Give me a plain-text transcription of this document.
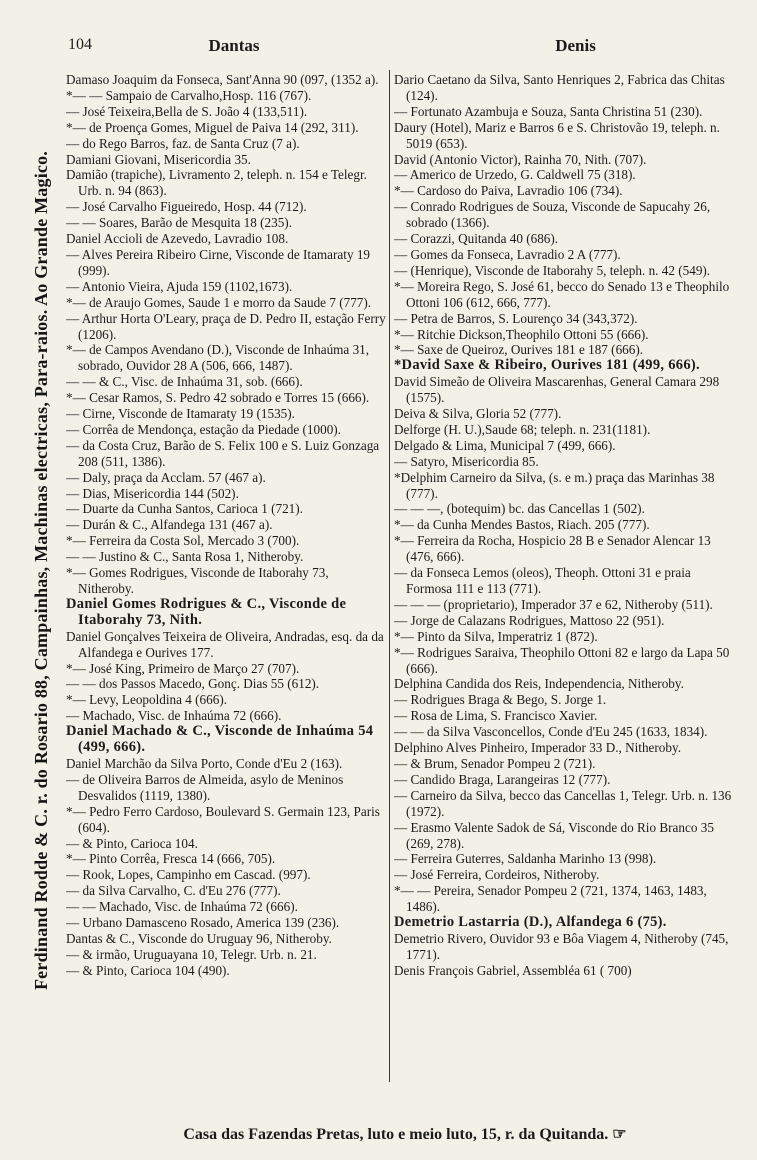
Ferdinand Rodde & C. r. do Rosario 88, Campainhas, Machinas electricas, Para-raios. Ao Grande Magico.
104	Dantas	Denis
Damaso Joaquim da Fonseca, Sant'Anna 90 (097, (1352 a).
*— — Sampaio de Carvalho,Hosp. 116 (767).
— José Teixeira,Bella de S. João 4 (133,511).
*— de Proença Gomes, Miguel de Paiva 14 (292, 311).
— do Rego Barros, faz. de Santa Cruz (7 a).
Damiani Giovani, Misericordia 35.
Damião (trapiche), Livramento 2, teleph. n. 154 e Telegr. Urb. n. 94 (863).
— José Carvalho Figueiredo, Hosp. 44 (712).
— — Soares, Barão de Mesquita 18 (235).
Daniel Accioli de Azevedo, Lavradio 108.
— Alves Pereira Ribeiro Cirne, Visconde de Itamaraty 19 (999).
— Antonio Vieira, Ajuda 159 (1102,1673).
*— de Araujo Gomes, Saude 1 e morro da Saude 7 (777).
— Arthur Horta O'Leary, praça de D. Pedro II, estação Ferry (1206).
*— de Campos Avendano (D.), Visconde de Inhaúma 31, sobrado, Ouvidor 28 A (506, 666, 1487).
— — & C., Visc. de Inhaúma 31, sob. (666).
*— Cesar Ramos, S. Pedro 42 sobrado e Torres 15 (666).
— Cirne, Visconde de Itamaraty 19 (1535).
— Corrêa de Mendonça, estação da Piedade (1000).
— da Costa Cruz, Barão de S. Felix 100 e S. Luiz Gonzaga 208 (511, 1386).
— Daly, praça da Acclam. 57 (467 a).
— Dias, Misericordia 144 (502).
— Duarte da Cunha Santos, Carioca 1 (721).
— Durán & C., Alfandega 131 (467 a).
*— Ferreira da Costa Sol, Mercado 3 (700).
— — Justino & C., Santa Rosa 1, Nitheroby.
*— Gomes Rodrigues, Visconde de Itaborahy 73, Nitheroby.
Daniel Gomes Rodrigues & C., Visconde de Itaborahy 73, Nith.
Daniel Gonçalves Teixeira de Oliveira, Andradas, esq. da da Alfandega e Ourives 177.
*— José King, Primeiro de Março 27 (707).
— — dos Passos Macedo, Gonç. Dias 55 (612).
*— Levy, Leopoldina 4 (666).
— Machado, Visc. de Inhaúma 72 (666).
Daniel Machado & C., Visconde de Inhaúma 54 (499, 666).
Daniel Marchão da Silva Porto, Conde d'Eu 2 (163).
— de Oliveira Barros de Almeida, asylo de Meninos Desvalidos (1119, 1380).
*— Pedro Ferro Cardoso, Boulevard S. Germain 123, Paris (604).
— & Pinto, Carioca 104.
*— Pinto Corrêa, Fresca 14 (666, 705).
— Rook, Lopes, Campinho em Cascad. (997).
— da Silva Carvalho, C. d'Eu 276 (777).
— — Machado, Visc. de Inhaúma 72 (666).
— Urbano Damasceno Rosado, America 139 (236).
Dantas & C., Visconde do Uruguay 96, Nitheroby.
— & irmão, Uruguayana 10, Telegr. Urb. n. 21.
— & Pinto, Carioca 104 (490).
Dario Caetano da Silva, Santo Henriques 2, Fabrica das Chitas (124).
— Fortunato Azambuja e Souza, Santa Christina 51 (230).
Daury (Hotel), Mariz e Barros 6 e S. Christovão 19, teleph. n. 5019 (653).
David (Antonio Victor), Rainha 70, Nith. (707).
— Americo de Urzedo, G. Caldwell 75 (318).
*— Cardoso do Paiva, Lavradio 106 (734).
— Conrado Rodrigues de Souza, Visconde de Sapucahy 26, sobrado (1366).
— Corazzi, Quitanda 40 (686).
— Gomes da Fonseca, Lavradio 2 A (777).
— (Henrique), Visconde de Itaborahy 5, teleph. n. 42 (549).
*— Moreira Rego, S. José 61, becco do Senado 13 e Theophilo Ottoni 106 (612, 666, 777).
— Petra de Barros, S. Lourenço 34 (343,372).
*— Ritchie Dickson,Theophilo Ottoni 55 (666).
*— Saxe de Queiroz, Ourives 181 e 187 (666).
*David Saxe & Ribeiro, Ourives 181 (499, 666).
David Simeão de Oliveira Mascarenhas, General Camara 298 (1575).
Deiva & Silva, Gloria 52 (777).
Delforge (H. U.),Saude 68; teleph. n. 231(1181).
Delgado & Lima, Municipal 7 (499, 666).
— Satyro, Misericordia 85.
*Delphim Carneiro da Silva, (s. e m.) praça das Marinhas 38 (777).
— — —, (botequim) bc. das Cancellas 1 (502).
*— da Cunha Mendes Bastos, Riach. 205 (777).
*— Ferreira da Rocha, Hospicio 28 B e Senador Alencar 13 (476, 666).
— da Fonseca Lemos (oleos), Theoph. Ottoni 31 e praia Formosa 111 e 113 (771).
— — — (proprietario), Imperador 37 e 62, Nitheroby (511).
— Jorge de Calazans Rodrigues, Mattoso 22 (951).
*— Pinto da Silva, Imperatriz 1 (872).
*— Rodrigues Saraiva, Theophilo Ottoni 82 e largo da Lapa 50 (666).
Delphina Candida dos Reis, Independencia, Nitheroby.
— Rodrigues Braga & Bego, S. Jorge 1.
— Rosa de Lima, S. Francisco Xavier.
— — da Silva Vasconcellos, Conde d'Eu 245 (1633, 1834).
Delphino Alves Pinheiro, Imperador 33 D., Nitheroby.
— & Brum, Senador Pompeu 2 (721).
— Candido Braga, Larangeiras 12 (777).
— Carneiro da Silva, becco das Cancellas 1, Telegr. Urb. n. 136 (1972).
— Erasmo Valente Sadok de Sá, Visconde do Rio Branco 35 (269, 278).
— Ferreira Guterres, Saldanha Marinho 13 (998).
— José Ferreira, Cordeiros, Nitheroby.
*— — Pereira, Senador Pompeu 2 (721, 1374, 1463, 1483, 1486).
Demetrio Lastarria (D.), Alfandega 6 (75).
Demetrio Rivero, Ouvidor 93 e Bôa Viagem 4, Nitheroby (745, 1771).
Denis François Gabriel, Assembléa 61 ( 700)
Casa das Fazendas Pretas, luto e meio luto, 15, r. da Quitanda. ☞
